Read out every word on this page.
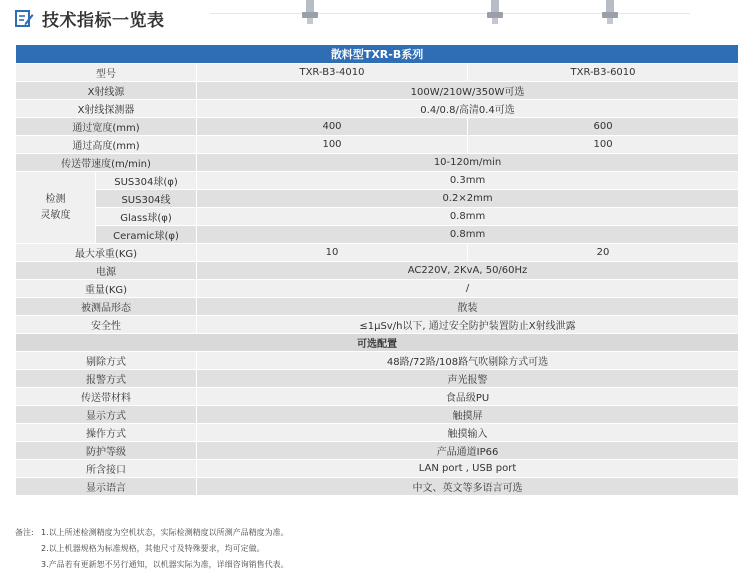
技术指标一览表
散料型TXR-B系列			
型号		TXR-B3-4010	TXR-B3-6010
X射线源		100W/210W/350W可选	
X射线探测器		0.4/0.8/高清0.4可选	
通过宽度(mm)		400	600
通过高度(mm)		100	100
传送带速度(m/min)		10-120m/min	
检测
灵敏度	SUS304球(φ)	0.3mm	
	SUS304线	0.2×2mm	
	Glass球(φ)	0.8mm	
	Ceramic球(φ)	0.8mm	
最大承重(KG)		10	20
电源		AC220V, 2KvA, 50/60Hz	
重量(KG)		/	
被测品形态		散装	
安全性		≤1μSv/h以下, 通过安全防护装置防止X射线泄露	
可选配置			
剔除方式		48路/72路/108路气吹剔除方式可选	
报警方式		声光报警	
传送带材料		食品级PU	
显示方式		触摸屏	
操作方式		触摸输入	
防护等级		产品通道IP66	
所含接口		LAN port , USB port	
显示语言		中文、英文等多语言可选	
备注: 1.以上所述检测精度为空机状态，实际检测精度以所测产品精度为准。
2.以上机器规格为标准规格，其他尺寸及特殊要求，均可定做。
3.产品若有更新恕不另行通知，以机器实际为准，详细咨询销售代表。
